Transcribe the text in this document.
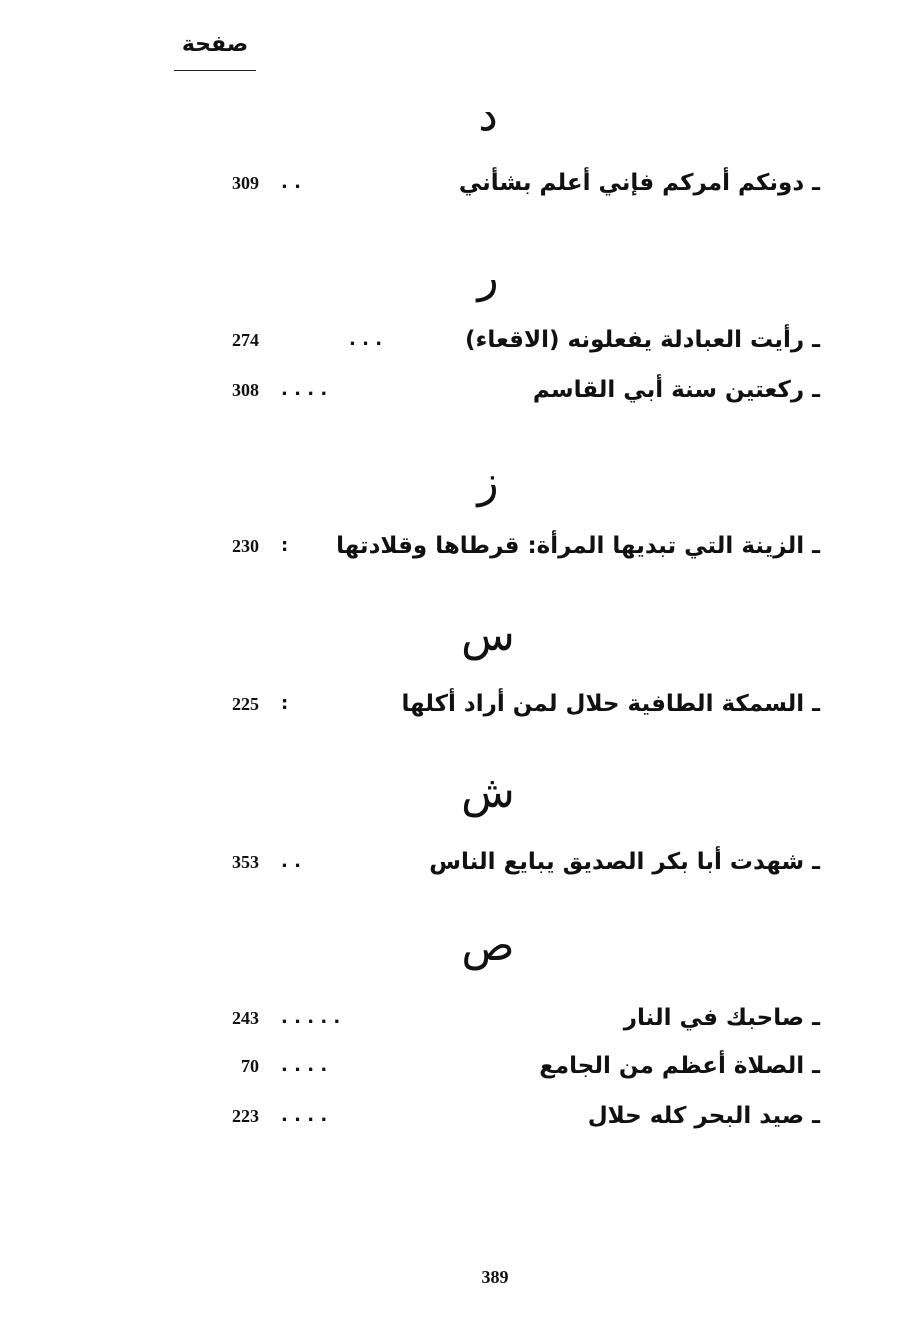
صفحة
د
ـ دونكم أمركم فإني أعلم بشأني
. .
309
ر
ـ رأيت العبادلة يفعلونه (الاقعاء)
. . .
274
ـ ركعتين سنة أبي القاسم
. . . .
308
ز
ـ الزينة التي تبديها المرأة: قرطاها وقلادتها
:
230
س
ـ السمكة الطافية حلال لمن أراد أكلها
:
225
ش
ـ شهدت أبا بكر الصديق يبايع الناس
. .
353
ص
ـ صاحبك في النار
. . . . .
243
ـ الصلاة أعظم من الجامع
. . . .
70
ـ صيد البحر كله حلال
. . . .
223
389
